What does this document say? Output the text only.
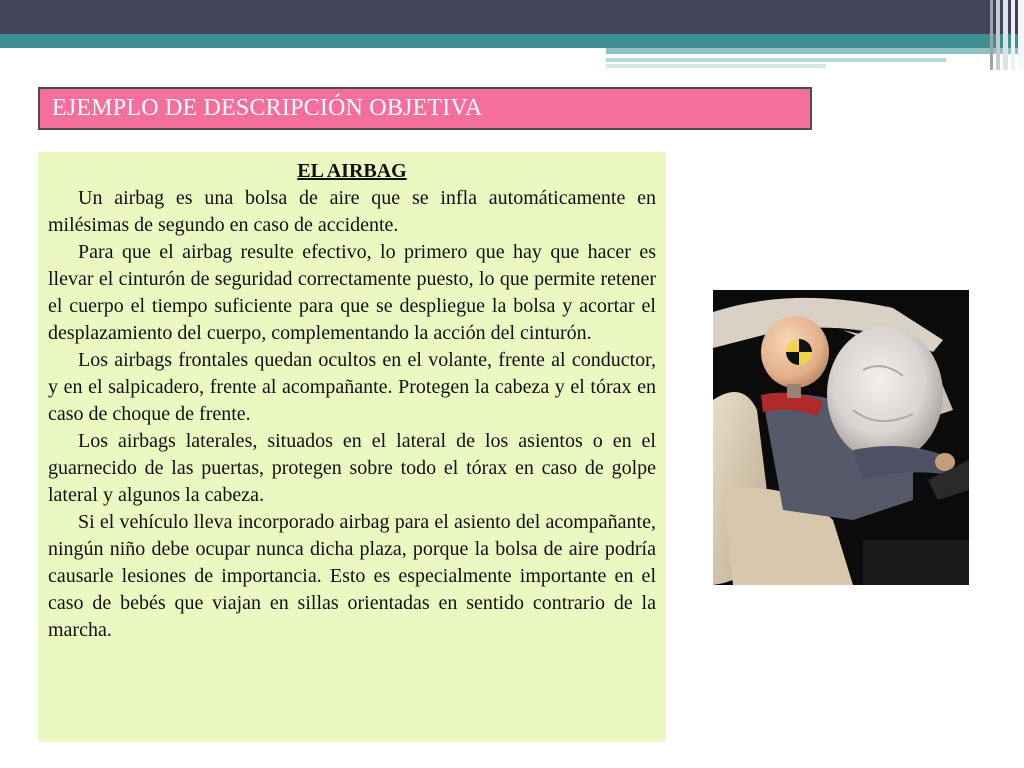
EJEMPLO DE DESCRIPCIÓN OBJETIVA
EL AIRBAG

Un airbag es una bolsa de aire que se infla automáticamente en milésimas de segundo en caso de accidente.

Para que el airbag resulte efectivo, lo primero que hay que hacer es llevar el cinturón de seguridad correctamente puesto, lo que permite retener el cuerpo el tiempo suficiente para que se despliegue la bolsa y acortar el desplazamiento del cuerpo, complementando la acción del cinturón.

Los airbags frontales quedan ocultos en el volante, frente al conductor, y en el salpicadero, frente al acompañante. Protegen la cabeza y el tórax en caso de choque de frente.

Los airbags laterales, situados en el lateral de los asientos o en el guarnecido de las puertas, protegen sobre todo el tórax en caso de golpe lateral y algunos la cabeza.

Si el vehículo lleva incorporado airbag para el asiento del acompañante, ningún niño debe ocupar nunca dicha plaza, porque la bolsa de aire podría causarle lesiones de importancia. Esto es especialmente importante en el caso de bebés que viajan en sillas orientadas en sentido contrario de la marcha.
